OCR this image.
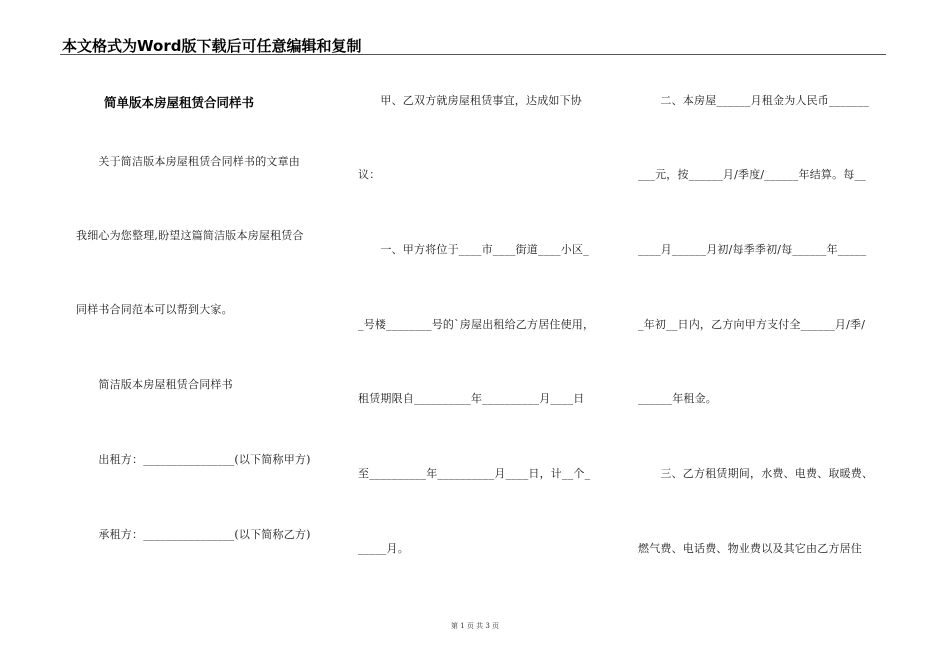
本文格式为Word版下载后可任意编辑和复制
简单版本房屋租赁合同样书
　　关于简洁版本房屋租赁合同样书的文章由
我细心为您整理,盼望这篇简洁版本房屋租赁合
同样书合同范本可以帮到大家。
　　简洁版本房屋租赁合同样书
　　出租方：________________(以下简称甲方)
　　承租方：________________(以下简称乙方)
　　甲、乙双方就房屋租赁事宜，达成如下协
议：
　　一、甲方将位于____市____街道____小区_
_号楼________号的`房屋出租给乙方居住使用，
租赁期限自__________年__________月____日
至__________年__________月____日，计__个_
_____月。
　　二、本房屋______月租金为人民币_______
___元，按______月/季度/______年结算。每__
____月______月初/每季季初/每______年_____
_年初__日内，乙方向甲方支付全______月/季/
______年租金。
　　三、乙方租赁期间，水费、电费、取暖费、
燃气费、电话费、物业费以及其它由乙方居住
第 1 页 共 3 页
